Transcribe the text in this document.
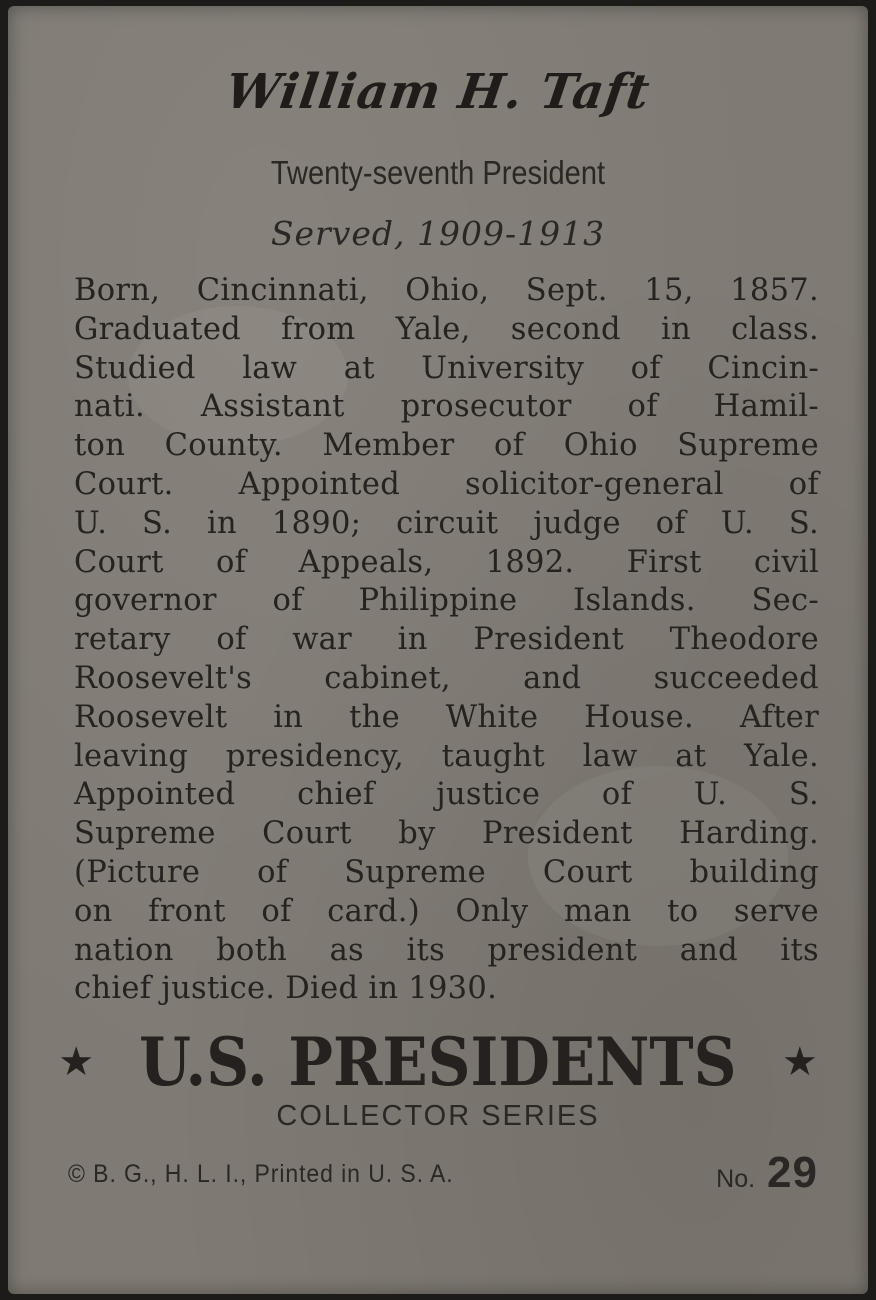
William H. Taft
Twenty-seventh President
Served, 1909-1913
Born, Cincinnati, Ohio, Sept. 15, 1857.
Graduated from Yale, second in class.
Studied law at University of Cincin-
nati. Assistant prosecutor of Hamil-
ton County. Member of Ohio Supreme
Court. Appointed solicitor-general of
U. S. in 1890; circuit judge of U. S.
Court of Appeals, 1892. First civil
governor of Philippine Islands. Sec-
retary of war in President Theodore
Roosevelt's cabinet, and succeeded
Roosevelt in the White House. After
leaving presidency, taught law at Yale.
Appointed chief justice of U. S.
Supreme Court by President Harding.
(Picture of Supreme Court building
on front of card.) Only man to serve
nation both as its president and its
chief justice. Died in 1930.
★ U.S. PRESIDENTS ★
COLLECTOR SERIES
© B. G., H. L. I., Printed in U. S. A.	No. 29
